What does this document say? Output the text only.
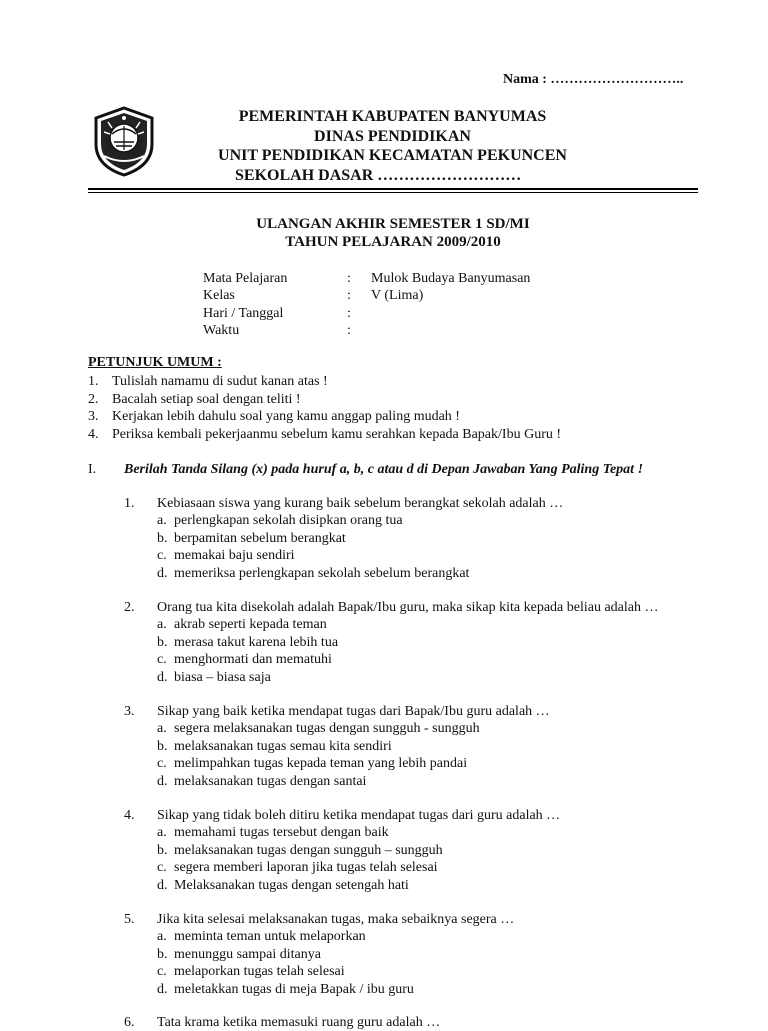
Nama : ………………………..

PEMERINTAH KABUPATEN BANYUMAS

DINAS PENDIDIKAN

UNIT PENDIDIKAN KECAMATAN PEKUNCEN

SEKOLAH DASAR ………………………

ULANGAN AKHIR SEMESTER 1 SD/MI
TAHUN PELAJARAN 2009/2010
Mata Pelajaran	: Mulok Budaya Banyumasan
Kelas	: V (Lima)
Hari / Tanggal	:
Waktu	:
PETUNJUK UMUM :
1. Tulislah namamu di sudut kanan atas !
2. Bacalah setiap soal dengan teliti !
3. Kerjakan lebih dahulu soal yang kamu anggap paling mudah !
4. Periksa kembali pekerjaanmu sebelum kamu serahkan kepada Bapak/Ibu Guru !
I. Berilah Tanda Silang (x) pada huruf a, b, c atau d di Depan Jawaban Yang Paling Tepat !
1. Kebiasaan siswa yang kurang baik sebelum berangkat sekolah adalah …
a. perlengkapan sekolah disipkan orang tua
b. berpamitan sebelum berangkat
c. memakai baju sendiri
d. memeriksa perlengkapan sekolah sebelum berangkat
2. Orang tua kita disekolah adalah Bapak/Ibu guru, maka sikap kita kepada beliau adalah …
a. akrab seperti kepada teman
b. merasa takut karena lebih tua
c. menghormati dan mematuhi
d. biasa – biasa saja
3. Sikap yang baik ketika mendapat tugas dari Bapak/Ibu guru adalah …
a. segera melaksanakan tugas dengan sungguh - sungguh
b. melaksanakan tugas semau kita sendiri
c. melimpahkan tugas kepada teman yang lebih pandai
d. melaksanakan tugas dengan santai
4. Sikap yang tidak boleh ditiru ketika mendapat tugas dari guru adalah …
a. memahami tugas tersebut dengan baik
b. melaksanakan tugas dengan sungguh – sungguh
c. segera memberi laporan jika tugas telah selesai
d. Melaksanakan tugas dengan setengah hati
5. Jika kita selesai melaksanakan tugas, maka sebaiknya segera …
a. meminta teman untuk melaporkan
b. menunggu sampai ditanya
c. melaporkan tugas telah selesai
d. meletakkan tugas di meja Bapak / ibu guru
6. Tata krama ketika memasuki ruang guru adalah …
